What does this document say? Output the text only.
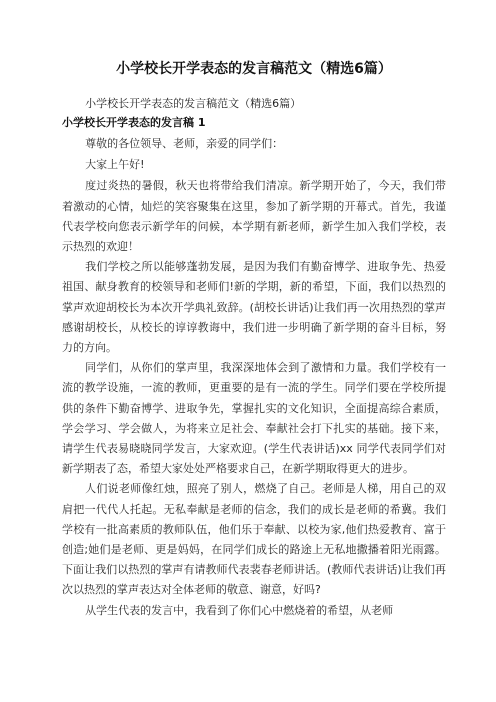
小学校长开学表态的发言稿范文（精选6篇）

小学校长开学表态的发言稿范文（精选6篇）

小学校长开学表态的发言稿 1

尊敬的各位领导、老师，亲爱的同学们：

大家上午好!

度过炎热的暑假，秋天也将带给我们清凉。新学期开始了，今天，我们带着激动的心情，灿烂的笑容聚集在这里，参加了新学期的开幕式。首先，我谨代表学校向您表示新学年的问候，本学期有新老师，新学生加入我们学校，表示热烈的欢迎！

我们学校之所以能够蓬勃发展，是因为我们有勤奋博学、进取争先、热爱祖国、献身教育的校领导和老师们!新的学期，新的希望，下面，我们以热烈的掌声欢迎胡校长为本次开学典礼致辞。(胡校长讲话)让我们再一次用热烈的掌声感谢胡校长，从校长的谆谆教诲中，我们进一步明确了新学期的奋斗目标，努力的方向。

同学们，从你们的掌声里，我深深地体会到了激情和力量。我们学校有一流的教学设施，一流的教师，更重要的是有一流的学生。同学们要在学校所提供的条件下勤奋博学、进取争先，掌握扎实的文化知识，全面提高综合素质，学会学习、学会做人，为将来立足社会、奉献社会打下扎实的基础。接下来，请学生代表易晓晓同学发言，大家欢迎。(学生代表讲话)xx 同学代表同学们对新学期表了态，希望大家处处严格要求自己，在新学期取得更大的进步。

人们说老师像红烛，照亮了别人，燃烧了自己。老师是人梯，用自己的双肩把一代代人托起。无私奉献是老师的信念，我们的成长是老师的希冀。我们学校有一批高素质的教师队伍，他们乐于奉献、以校为家,他们热爱教育、富于创造;她们是老师、更是妈妈，在同学们成长的路途上无私地撒播着阳光雨露。下面让我们以热烈的掌声有请教师代表裴春老师讲话。(教师代表讲话)让我们再次以热烈的掌声表达对全体老师的敬意、谢意，好吗?

从学生代表的发言中，我看到了你们心中燃烧着的希望，从老师
